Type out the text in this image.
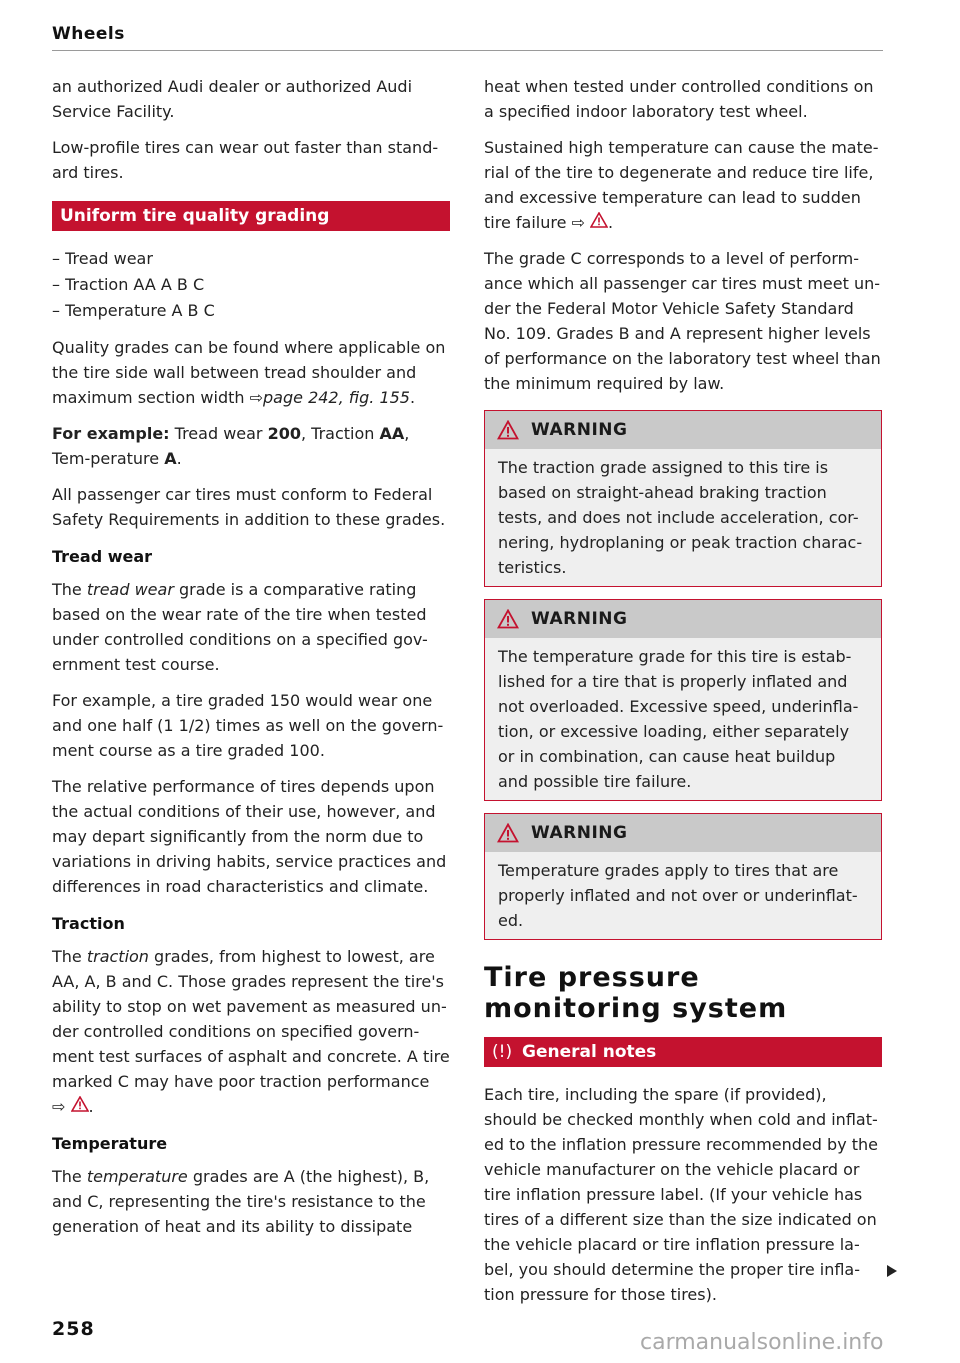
Wheels

an authorized Audi dealer or authorized Audi Service Facility.

Low-profile tires can wear out faster than stand-ard tires.

Uniform tire quality grading
– Tread wear
– Traction AA A B C
– Temperature A B C

Quality grades can be found where applicable on the tire side wall between tread shoulder and maximum section width ⇨page 242, fig. 155.

For example: Tread wear 200, Traction AA, Tem-perature A.

All passenger car tires must conform to Federal Safety Requirements in addition to these grades.

Tread wear

The tread wear grade is a comparative rating based on the wear rate of the tire when tested under controlled conditions on a specified gov-ernment test course.

For example, a tire graded 150 would wear one and one half (1 1/2) times as well on the govern-ment course as a tire graded 100.

The relative performance of tires depends upon the actual conditions of their use, however, and may depart significantly from the norm due to variations in driving habits, service practices and differences in road characteristics and climate.

Traction

The traction grades, from highest to lowest, are AA, A, B and C. Those grades represent the tire's ability to stop on wet pavement as measured un-der controlled conditions on specified govern-ment test surfaces of asphalt and concrete. A tire marked C may have poor traction performance
⇨ .

Temperature

The temperature grades are A (the highest), B, and C, representing the tire's resistance to the generation of heat and its ability to dissipate

heat when tested under controlled conditions on a specified indoor laboratory test wheel.

Sustained high temperature can cause the mate-rial of the tire to degenerate and reduce tire life, and excessive temperature can lead to sudden tire failure ⇨ .

The grade C corresponds to a level of perform-ance which all passenger car tires must meet un-der the Federal Motor Vehicle Safety Standard No. 109. Grades B and A represent higher levels of performance on the laboratory test wheel than the minimum required by law.

WARNING

The traction grade assigned to this tire is based on straight-ahead braking traction tests, and does not include acceleration, cor-nering, hydroplaning or peak traction charac-teristics.

WARNING

The temperature grade for this tire is estab-lished for a tire that is properly inflated and not overloaded. Excessive speed, underinfla-tion, or excessive loading, either separately or in combination, can cause heat buildup and possible tire failure.

WARNING

Temperature grades apply to tires that are properly inflated and not over or underinflat-ed.

Tire pressure monitoring system
(!) General notes

Each tire, including the spare (if provided), should be checked monthly when cold and inflat-ed to the inflation pressure recommended by the vehicle manufacturer on the vehicle placard or tire inflation pressure label. (If your vehicle has tires of a different size than the size indicated on the vehicle placard or tire inflation pressure la-bel, you should determine the proper tire infla-tion pressure for those tires).

258
carmanualsonline.info
